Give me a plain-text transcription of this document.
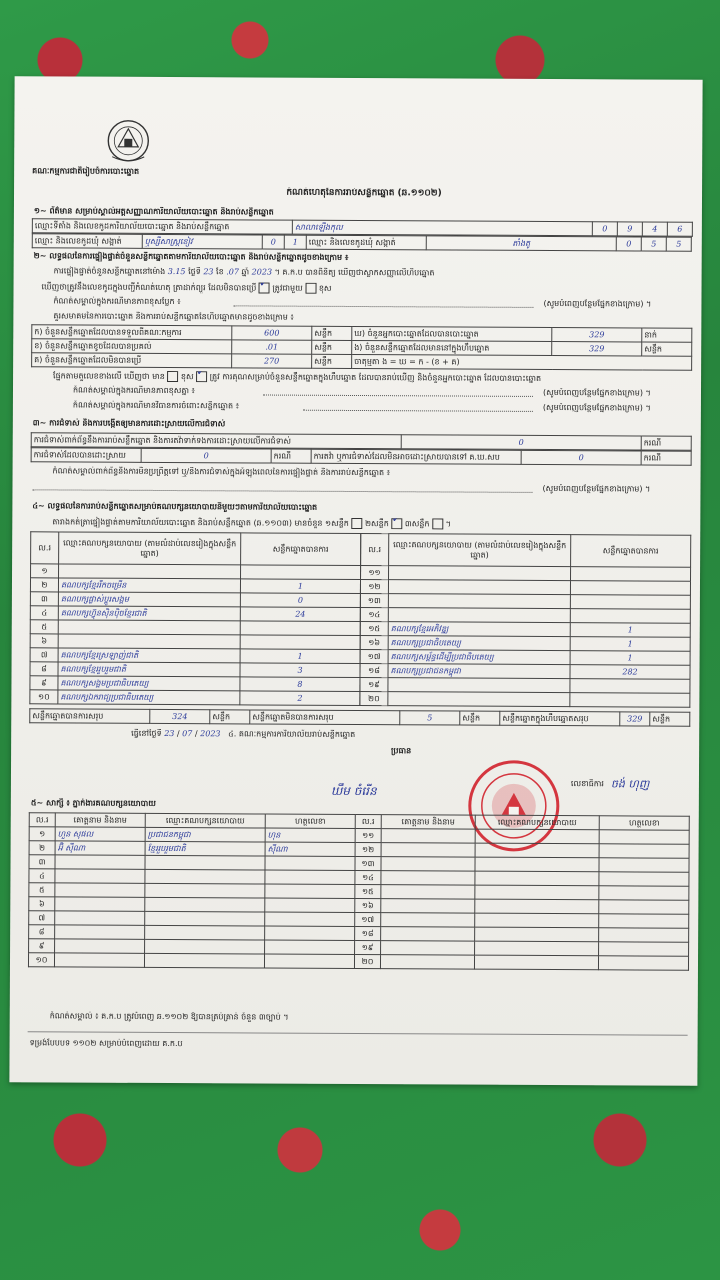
គណៈកម្មការជាតិរៀបចំការបោះឆ្នោត
កំណត់ហេតុនៃការរាប់សន្លឹកឆ្នោត (ឆ.១១០២)
១~ ព័ត៌មាន សម្រាប់ស្គាល់អត្តសញ្ញាណការិយាល័យបោះឆ្នោត និងរាប់សន្លឹកឆ្នោត
ឈ្មោះទីតាំង និងលេខកូដការិយាល័យបោះឆ្នោត និងរាប់សន្លឹកឆ្នោត	សាលាឡើងកុល	0	9	4	6
ឈ្មោះ និងលេខកូដឃុំ សង្កាត់	ឬស្សីសាស្រ្តខៀវ	0	1	ឈ្មោះ និងលេខកូដឃុំ សង្កាត់	តាំងតូ	0	5	5
២~ លទ្ធផលនៃការផ្ទៀងផ្ទាត់ចំនួនសន្លឹកឆ្នោតតាមការិយាល័យបោះឆ្នោត និងរាប់សន្លឹកឆ្នោតដូចខាងក្រោម ៖
ការផ្ទៀងផ្ទាត់ចំនួនសន្លឹកឆ្នោតនៅម៉ោង 3.15 ថ្ងៃទី 23 ខែ .07 ឆ្នាំ 2023 ។ គ.ក.ប បានពិនិត្យ ឃើញថាស្លាកសញ្ញាលើហឹបឆ្នោត
ឃើញថាត្រូវនឹងលេខកូដក្នុងបញ្ជីកំណត់ហេតុ ត្រាដាក់ព្យួរ ដែលមិនបានប្រើ ✓ ត្រូវជាមួយ ខុស
កំណត់សម្គាល់ក្នុងករណីមានភាពខុសប្លែក ៖	(សូមបំពេញបន្ថែមផ្នែកខាងក្រោម) ។
គួរសមាគមនៃការបោះឆ្នោត និងការរាប់សន្លឹកឆ្នោតនៃហឹបឆ្នោតមានដូចខាងក្រោម ៖
ក) ចំនួនសន្លឹកឆ្នោតដែលបានទទួលពីគណៈកម្មការ	600	សន្លឹក	ឃ) ចំនួនអ្នកបោះឆ្នោតដែលបានបោះឆ្នោត	329	នាក់
ខ) ចំនួនសន្លឹកឆ្នោតខូចដែលបានប្រគល់	.01	សន្លឹក	ង) ចំនួនសន្លឹកឆ្នោតដែលមាននៅក្នុងហឹបឆ្នោត	329	សន្លឹក
គ) ចំនួនសន្លឹកឆ្នោតដែលមិនបានប្រើ	270	សន្លឹក	ចាតុម្មតា ង = ឃ = ក - (ខ + គ)		
ផ្នែកតាមតួលេខខាងលើ ឃើញថា មាន ខុស ✓ ត្រូវ ការគុណសម្រាប់ចំនួនសន្លឹកឆ្នោតក្នុងហឹបឆ្នោត ដែលបានរាប់ឃើញ និងចំនួនអ្នកបោះឆ្នោត ដែលបានបោះឆ្នោត
កំណត់សម្គាល់ក្នុងករណីមានភាពខុសគ្នា ៖	(សូមបំពេញបន្ថែមផ្នែកខាងក្រោម) ។
កំណត់សម្គាល់ក្នុងករណីមានវិធានការចំពោះសន្លឹកឆ្នោត ៖	(សូមបំពេញបន្ថែមផ្នែកខាងក្រោម) ។
៣~ ការជំទាស់ និងការបង្កើតឲ្យមានការដោះស្រាយលើការជំទាស់
ការជំទាស់ពាក់ព័ន្ធនឹងការរាប់សន្លឹកឆ្នោត និងការតវ៉ាទាក់ទងការដោះស្រាយលើការជំទាស់	0	ករណី
ការជំទាស់ដែលបានដោះស្រាយ	0	ករណី	ការតវ៉ា ឬការជំទាស់ដែលមិនអាចដោះស្រាយបានទៅ គ.ឃ.សប	0	ករណី
កំណត់សម្គាល់ពាក់ព័ន្ធនឹងការមិនប្រព្រឹត្តទៅ ឬ/និងការជំទាស់ក្នុងអំឡុងពេលនៃការផ្ទៀងផ្ទាត់ និងការរាប់សន្លឹកឆ្នោត ៖
(សូមបំពេញបន្ថែមផ្នែកខាងក្រោម) ។
៤~ លទ្ធផលនៃការរាប់សន្លឹកឆ្នោតសម្រាប់គណបក្សនយោបាយនិមួយៗតាមការិយាល័យបោះឆ្នោត
តារាងកត់ត្រាផ្ទៀងផ្ទាត់តាមការិយាល័យបោះឆ្នោត និងរាប់សន្លឹកឆ្នោត (ឆ.១១០៣) មានចំនួន ១សន្លឹក ២សន្លឹក ✓ ៣សន្លឹក ។
ល.រ	ឈ្មោះគណបក្សនយោបាយ (តាមលំដាប់លេខរៀងក្នុងសន្លឹកឆ្នោត)	សន្លឹកឆ្នោតបានការ
១		
២	គណបក្សខ្មែររីកចម្រើន	1
៣	គណបក្សផ្លាស់ប្តូរសង្គម	0
៤	គណបក្សហ៊្វុនស៊ិនប៉ិចខ្មែរជាតិ	24
៥		
៦		
៧	គណបក្សខ្មែរស្រឡាញ់ជាតិ	1
៨	គណបក្សខ្មែររួបរួមជាតិ	3
៩	គណបក្សសង្គមប្រជាធិបតេយ្យ	8
១០	គណបក្សឯករាជ្យប្រជាធិបតេយ្យ	2
ល.រ	ឈ្មោះគណបក្សនយោបាយ (តាមលំដាប់លេខរៀងក្នុងសន្លឹកឆ្នោត)	សន្លឹកឆ្នោតបានការ
១១		
១២		
១៣		
១៤		
១៥	គណបក្សខ្មែរអភិវឌ្ឍ	1
១៦	គណបក្សប្រជាធិបតេយ្យ	1
១៧	គណបក្សសម្ព័ន្ធដើម្បីប្រជាធិបតេយ្យ	1
១៨	គណបក្សប្រជាជនកម្ពុជា	282
១៩		
២០		
សន្លឹកឆ្នោតបានការសរុប	324	សន្លឹក	សន្លឹកឆ្នោតមិនបានការសរុប	5	សន្លឹក	សន្លឹកឆ្នោតក្នុងហឹបឆ្នោតសរុប	329	សន្លឹក
ធ្វើនៅថ្ងៃទី 23 / 07 / 2023 ៤. គណៈកម្មការការិយាល័យរាប់សន្លឹកឆ្នោត
ប្រធាន
លេខាធិការ ចង់ ហុញ
ឃឹម ចំរើន
៥~ សាក្សី ៖ ភ្នាក់ងារគណបក្សនយោបាយ
ល.រ	គោត្តនាម និងនាម	ឈ្មោះគណបក្សនយោបាយ	ហត្ថលេខា	ល.រ	គោត្តនាម និងនាម	ឈ្មោះគណបក្សនយោបាយ	ហត្ថលេខា
១	ហួន សុផល	ប្រជាជនកម្ពុជា	ហុន	១១			
២	អ៊ិ ស៊ីណា	ខ្មែររួបរួមជាតិ	ស៊ីណា	១២			
៣				១៣			
៤				១៤			
៥				១៥			
៦				១៦			
៧				១៧			
៨				១៨			
៩				១៩			
១០				២០			
កំណត់សម្គាល់ ៖ គ.ក.ប ត្រូវបំពេញ ឆ.១១០២ ឱ្យបានគ្រប់គ្រាន់ ចំនួន ៣ច្បាប់ ។
ទម្រង់បែបបទ ១១០២ សម្រាប់បំពេញដោយ គ.ក.ប
